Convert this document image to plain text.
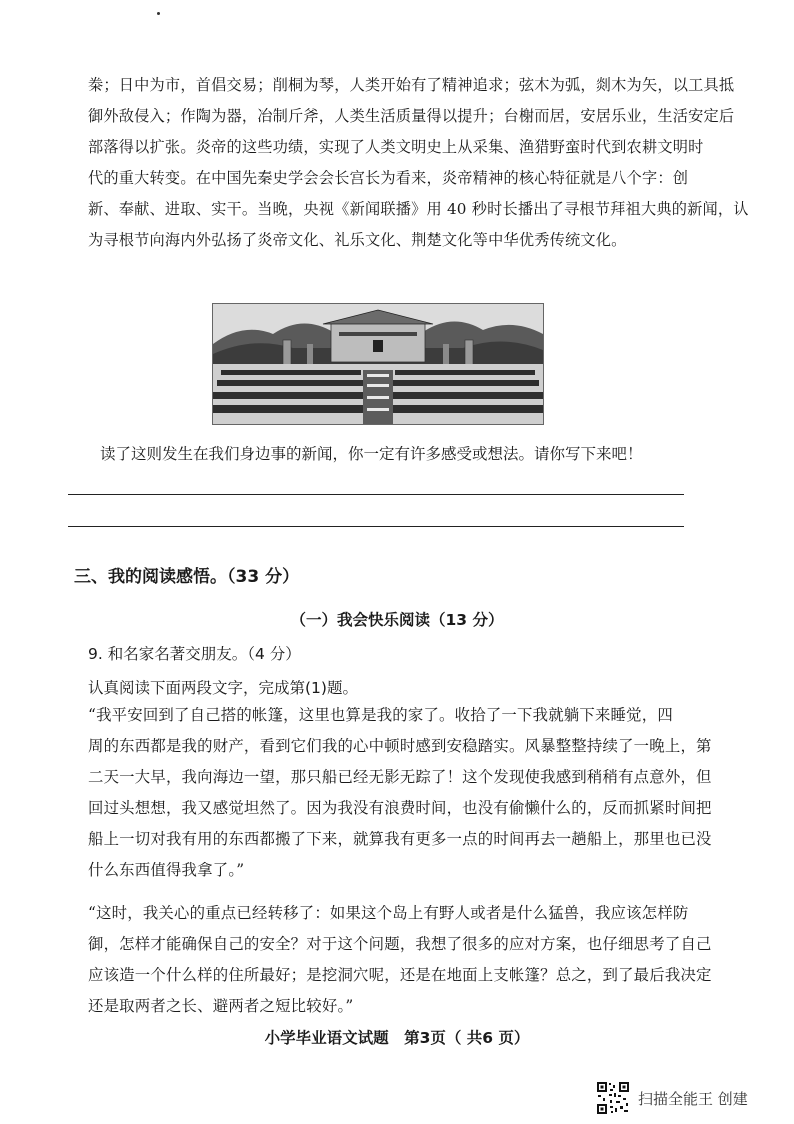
桊；日中为市，首倡交易；削桐为琴，人类开始有了精神追求；弦木为弧，剡木为矢，以工具抵
御外敌侵入；作陶为器，冶制斤斧，人类生活质量得以提升；台榭而居，安居乐业，生活安定后
部落得以扩张。炎帝的这些功绩，实现了人类文明史上从采集、渔猎野蛮时代到农耕文明时
代的重大转变。在中国先秦史学会会长宫长为看来，炎帝精神的核心特征就是八个字：创
新、奉献、进取、实干。当晚，央视《新闻联播》用 40 秒时长播出了寻根节拜祖大典的新闻，认
为寻根节向海内外弘扬了炎帝文化、礼乐文化、荆楚文化等中华优秀传统文化。
读了这则发生在我们身边事的新闻，你一定有许多感受或想法。请你写下来吧！
三、我的阅读感悟。（33 分）
（一）我会快乐阅读（13 分）
9. 和名家名著交朋友。（4 分）
认真阅读下面两段文字，完成第(1)题。
“我平安回到了自己搭的帐篷，这里也算是我的家了。收拾了一下我就躺下来睡觉，四
周的东西都是我的财产，看到它们我的心中顿时感到安稳踏实。风暴整整持续了一晚上，第
二天一大早，我向海边一望，那只船已经无影无踪了！这个发现使我感到稍稍有点意外，但
回过头想想，我又感觉坦然了。因为我没有浪费时间，也没有偷懒什么的，反而抓紧时间把
船上一切对我有用的东西都搬了下来，就算我有更多一点的时间再去一趟船上，那里也已没
什么东西值得我拿了。”
“这时，我关心的重点已经转移了：如果这个岛上有野人或者是什么猛兽，我应该怎样防
御，怎样才能确保自己的安全？对于这个问题，我想了很多的应对方案，也仔细思考了自己
应该造一个什么样的住所最好；是挖洞穴呢，还是在地面上支帐篷？总之，到了最后我决定
还是取两者之长、避两者之短比较好。”
小学毕业语文试题　第3页（ 共6 页）
扫描全能王 创建
